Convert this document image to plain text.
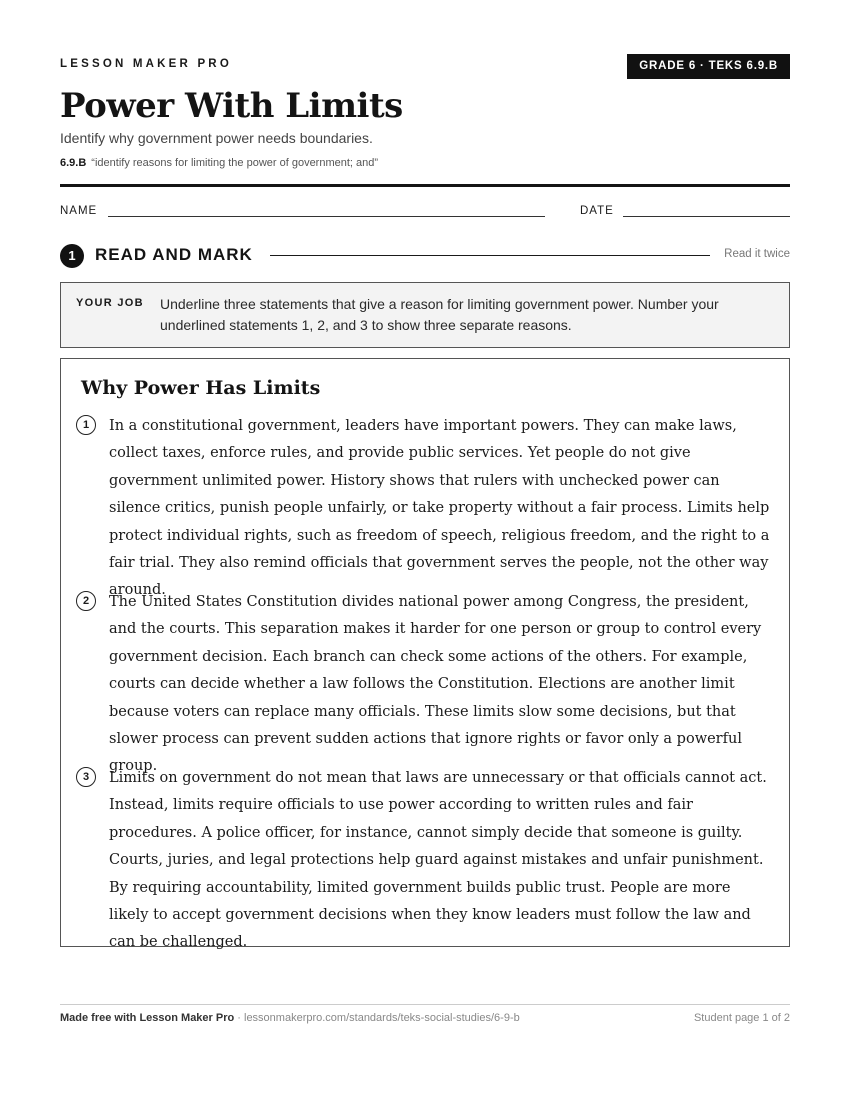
LESSON MAKER PRO	GRADE 6 · TEKS 6.9.B
Power With Limits
Identify why government power needs boundaries.
6.9.B “identify reasons for limiting the power of government; and”
NAME	DATE
1	READ AND MARK	Read it twice
YOUR JOB Underline three statements that give a reason for limiting government power. Number your underlined statements 1, 2, and 3 to show three separate reasons.
Why Power Has Limits
1	In a constitutional government, leaders have important powers. They can make laws, collect taxes, enforce rules, and provide public services. Yet people do not give government unlimited power. History shows that rulers with unchecked power can silence critics, punish people unfairly, or take property without a fair process. Limits help protect individual rights, such as freedom of speech, religious freedom, and the right to a fair trial. They also remind officials that government serves the people, not the other way around.
2	The United States Constitution divides national power among Congress, the president, and the courts. This separation makes it harder for one person or group to control every government decision. Each branch can check some actions of the others. For example, courts can decide whether a law follows the Constitution. Elections are another limit because voters can replace many officials. These limits slow some decisions, but that slower process can prevent sudden actions that ignore rights or favor only a powerful group.
3	Limits on government do not mean that laws are unnecessary or that officials cannot act. Instead, limits require officials to use power according to written rules and fair procedures. A police officer, for instance, cannot simply decide that someone is guilty. Courts, juries, and legal protections help guard against mistakes and unfair punishment. By requiring accountability, limited government builds public trust. People are more likely to accept government decisions when they know leaders must follow the law and can be challenged.
Made free with Lesson Maker Pro · lessonmakerpro.com/standards/teks-social-studies/6-9-b	Student page 1 of 2
